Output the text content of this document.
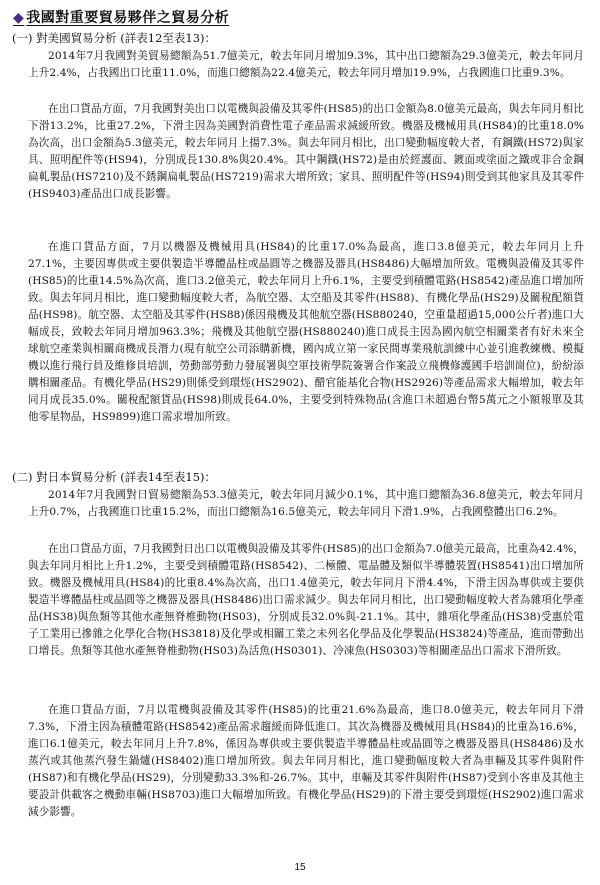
◆ 我國對重要貿易夥伴之貿易分析
(一) 對美國貿易分析 (詳表12至表13)：
2014年7月我國對美貿易總額為51.7億美元，較去年同月增加9.3%，其中出口總額為29.3億美元，較去年同月上升2.4%，占我國出口比重11.0%，而進口總額為22.4億美元，較去年同月增加19.9%，占我國進口比重9.3%。
在出口貨品方面，7月我國對美出口以電機與設備及其零件(HS85)的出口金額為8.0億美元最高，與去年同月相比下滑13.2%，比重27.2%，下滑主因為美國對消費性電子產品需求減緩所致。機器及機械用具(HS84)的比重18.0%為次高，出口金額為5.3億美元，較去年同月上揚7.3%。與去年同月相比，出口變動幅度較大者，有鋼鐵(HS72)與家具、照明配件等(HS94)，分別成長130.8%與20.4%。其中鋼鐵(HS72)是由於經護面、鍍面或塗面之鐵或非合金鋼扁軋製品(HS7210)及不銹鋼扁軋製品(HS7219)需求大增所致；家具、照明配件等(HS94)則受到其他家具及其零件(HS9403)產品出口成長影響。
在進口貨品方面，7月以機器及機械用具(HS84)的比重17.0%為最高，進口3.8億美元，較去年同月上升27.1%，主要因專供或主要供製造半導體晶柱或晶圓等之機器及器具(HS8486)大幅增加所致。電機與設備及其零件(HS85)的比重14.5%為次高，進口3.2億美元，較去年同月上升6.1%，主要受到積體電路(HS8542)產品進口增加所致。與去年同月相比，進口變動幅度較大者，為航空器、太空船及其零件(HS88)、有機化學品(HS29)及關稅配額貨品(HS98)。航空器、太空船及其零件(HS88)係因飛機及其他航空器(HS880240，空重量超過15,000公斤者)進口大幅成長，致較去年同月增加963.3%；飛機及其他航空器(HS880240)進口成長主因為國內航空相關業者有好未來全球航空產業與相關商機成長潛力(現有航空公司添購新機，國內成立第一家民間專業飛航訓練中心並引進教練機、模擬機以進行飛行員及維修員培訓，勞動部勞動力發展署與空軍技術學院簽署合作案設立飛機修護國手培訓崗位)，紛紛添購相關產品。有機化學品(HS29)則係受到環烴(HS2902)、醋官能基化合物(HS2926)等產品需求大幅增加，較去年同月成長35.0%。關稅配額貨品(HS98)則成長64.0%，主要受到特殊物品(含進口未超過台幣5萬元之小額報單及其他零星物品，HS9899)進口需求增加所致。
(二) 對日本貿易分析 (詳表14至表15)：
2014年7月我國對日貿易總額為53.3億美元，較去年同月減少0.1%，其中進口總額為36.8億美元，較去年同月上升0.7%，占我國進口比重15.2%，而出口總額為16.5億美元，較去年同月下滑1.9%，占我國整體出口6.2%。
在出口貨品方面，7月我國對日出口以電機與設備及其零件(HS85)的出口金額為7.0億美元最高，比重為42.4%，與去年同月相比上升1.2%，主要受到積體電路(HS8542)、二極體、電晶體及類似半導體裝置(HS8541)出口增加所致。機器及機械用具(HS84)的比重8.4%為次高，出口1.4億美元，較去年同月下滑4.4%，下滑主因為專供或主要供製造半導體晶柱或晶圓等之機器及器具(HS8486)出口需求減少。與去年同月相比，出口變動幅度較大者為雜項化學產品(HS38)與魚類等其他水產無脊椎動物(HS03)，分別成長32.0%與-21.1%。其中，雜項化學產品(HS38)受惠於電子工業用已摻雜之化學化合物(HS3818)及化學或相關工業之未列名化學品及化學製品(HS3824)等產品，進而帶動出口增長。魚類等其他水產無脊椎動物(HS03)為活魚(HS0301)、冷凍魚(HS0303)等相關產品出口需求下滑所致。
在進口貨品方面，7月以電機與設備及其零件(HS85)的比重21.6%為最高，進口8.0億美元，較去年同月下滑7.3%，下滑主因為積體電路(HS8542)產品需求趨緩而降低進口。其次為機器及機械用具(HS84)的比重為16.6%，進口6.1億美元，較去年同月上升7.8%，係因為專供或主要供製造半導體晶柱或晶圓等之機器及器具(HS8486)及水蒸汽或其他蒸汽發生鍋爐(HS8402)進口增加所致。與去年同月相比，進口變動幅度較大者為車輛及其零件與附件(HS87)和有機化學品(HS29)，分別變動33.3%和-26.7%。其中，車輛及其零件與附件(HS87)受到小客車及其他主要設計供載客之機動車輛(HS8703)進口大幅增加所致。有機化學品(HS29)的下滑主要受到環烴(HS2902)進口需求減少影響。
15
